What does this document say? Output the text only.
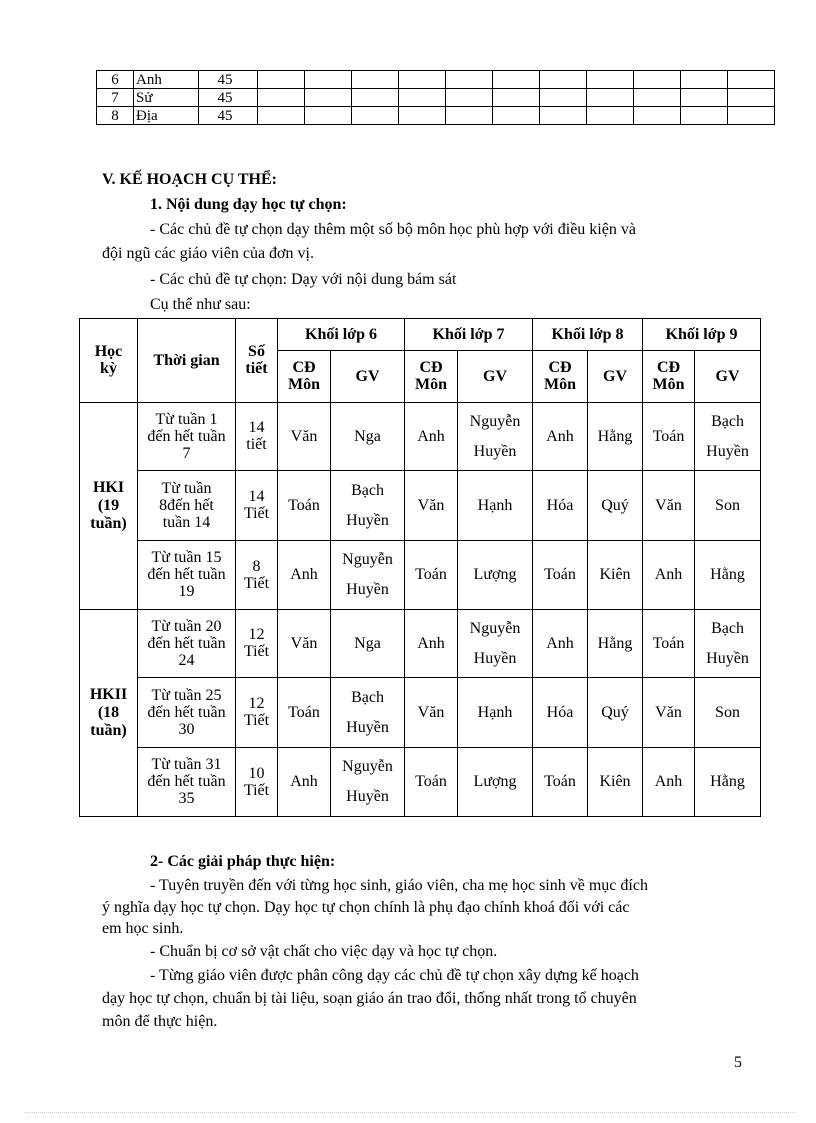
6	Anh	45											
7	Sử	45											
8	Địa	45											
V. KẾ HOẠCH CỤ THỂ:
1. Nội dung dạy học tự chọn:
- Các chủ đề tự chọn dạy thêm một số bộ môn học phù hợp với điều kiện và
đội ngũ các giáo viên của đơn vị.
- Các chủ đề tự chọn: Dạy với nội dung bám sát
Cụ thể như sau:
Học kỳ	Thời gian	Số tiết	Khối lớp 6		Khối lớp 7		Khối lớp 8		Khối lớp 9	
			CĐ Môn	GV	CĐ Môn	GV	CĐ Môn	GV	CĐ Môn	GV
HKI (19 tuần)	Từ tuần 1 đến hết tuần 7	14 tiết	Văn	Nga	Anh	Nguyễn Huyền	Anh	Hằng	Toán	Bạch Huyền
	Từ tuần 8đến hết tuần 14	14 Tiết	Toán	Bạch Huyền	Văn	Hạnh	Hóa	Quý	Văn	Son
	Từ tuần 15 đến hết tuần 19	8 Tiết	Anh	Nguyễn Huyền	Toán	Lượng	Toán	Kiên	Anh	Hằng
HKII (18 tuần)	Từ tuần 20 đến hết tuần 24	12 Tiết	Văn	Nga	Anh	Nguyễn Huyền	Anh	Hằng	Toán	Bạch Huyền
	Từ tuần 25 đến hết tuần 30	12 Tiết	Toán	Bạch Huyền	Văn	Hạnh	Hóa	Quý	Văn	Son
	Từ tuần 31 đến hết tuần 35	10 Tiết	Anh	Nguyễn Huyền	Toán	Lượng	Toán	Kiên	Anh	Hằng
2- Các giải pháp thực hiện:
- Tuyên truyền đến với từng học sinh, giáo viên, cha mẹ học sinh về mục đích
ý nghĩa dạy học tự chọn. Dạy học tự chọn chính là phụ đạo chính khoá đối với các
em học sinh.
- Chuẩn bị cơ sở vật chất cho việc dạy và học tự chọn.
- Từng giáo viên được phân công dạy các chủ đề tự chọn xây dựng kế hoạch
dạy học tự chọn, chuẩn bị tài liệu, soạn giáo án trao đổi, thống nhất trong tổ chuyên
môn để thực hiện.
5
